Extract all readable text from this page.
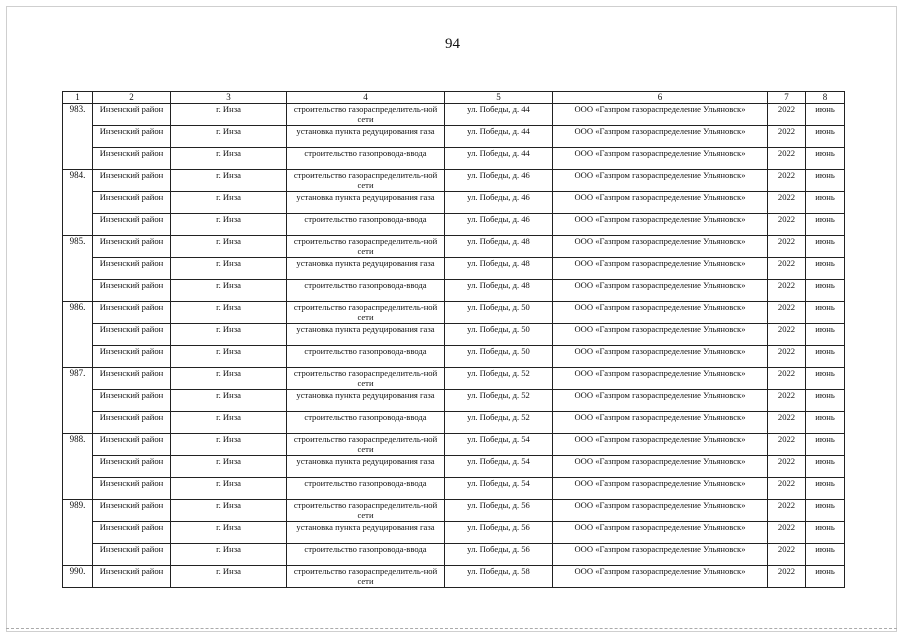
94
1	2	3	4	5	6	7	8
983.	Инзенский район	г. Инза	строительство газораспределитель-ной сети	ул. Победы, д. 44	ООО «Газпром газораспределение Ульяновск»	2022	июнь
	Инзенский район	г. Инза	установка пункта редуцирования газа	ул. Победы, д. 44	ООО «Газпром газораспределение Ульяновск»	2022	июнь
	Инзенский район	г. Инза	строительство газопровода-ввода	ул. Победы, д. 44	ООО «Газпром газораспределение Ульяновск»	2022	июнь
984.	Инзенский район	г. Инза	строительство газораспределитель-ной сети	ул. Победы, д. 46	ООО «Газпром газораспределение Ульяновск»	2022	июнь
	Инзенский район	г. Инза	установка пункта редуцирования газа	ул. Победы, д. 46	ООО «Газпром газораспределение Ульяновск»	2022	июнь
	Инзенский район	г. Инза	строительство газопровода-ввода	ул. Победы, д. 46	ООО «Газпром газораспределение Ульяновск»	2022	июнь
985.	Инзенский район	г. Инза	строительство газораспределитель-ной сети	ул. Победы, д. 48	ООО «Газпром газораспределение Ульяновск»	2022	июнь
	Инзенский район	г. Инза	установка пункта редуцирования газа	ул. Победы, д. 48	ООО «Газпром газораспределение Ульяновск»	2022	июнь
	Инзенский район	г. Инза	строительство газопровода-ввода	ул. Победы, д. 48	ООО «Газпром газораспределение Ульяновск»	2022	июнь
986.	Инзенский район	г. Инза	строительство газораспределитель-ной сети	ул. Победы, д. 50	ООО «Газпром газораспределение Ульяновск»	2022	июнь
	Инзенский район	г. Инза	установка пункта редуцирования газа	ул. Победы, д. 50	ООО «Газпром газораспределение Ульяновск»	2022	июнь
	Инзенский район	г. Инза	строительство газопровода-ввода	ул. Победы, д. 50	ООО «Газпром газораспределение Ульяновск»	2022	июнь
987.	Инзенский район	г. Инза	строительство газораспределитель-ной сети	ул. Победы, д. 52	ООО «Газпром газораспределение Ульяновск»	2022	июнь
	Инзенский район	г. Инза	установка пункта редуцирования газа	ул. Победы, д. 52	ООО «Газпром газораспределение Ульяновск»	2022	июнь
	Инзенский район	г. Инза	строительство газопровода-ввода	ул. Победы, д. 52	ООО «Газпром газораспределение Ульяновск»	2022	июнь
988.	Инзенский район	г. Инза	строительство газораспределитель-ной сети	ул. Победы, д. 54	ООО «Газпром газораспределение Ульяновск»	2022	июнь
	Инзенский район	г. Инза	установка пункта редуцирования газа	ул. Победы, д. 54	ООО «Газпром газораспределение Ульяновск»	2022	июнь
	Инзенский район	г. Инза	строительство газопровода-ввода	ул. Победы, д. 54	ООО «Газпром газораспределение Ульяновск»	2022	июнь
989.	Инзенский район	г. Инза	строительство газораспределитель-ной сети	ул. Победы, д. 56	ООО «Газпром газораспределение Ульяновск»	2022	июнь
	Инзенский район	г. Инза	установка пункта редуцирования газа	ул. Победы, д. 56	ООО «Газпром газораспределение Ульяновск»	2022	июнь
	Инзенский район	г. Инза	строительство газопровода-ввода	ул. Победы, д. 56	ООО «Газпром газораспределение Ульяновск»	2022	июнь
990.	Инзенский район	г. Инза	строительство газораспределитель-ной сети	ул. Победы, д. 58	ООО «Газпром газораспределение Ульяновск»	2022	июнь
